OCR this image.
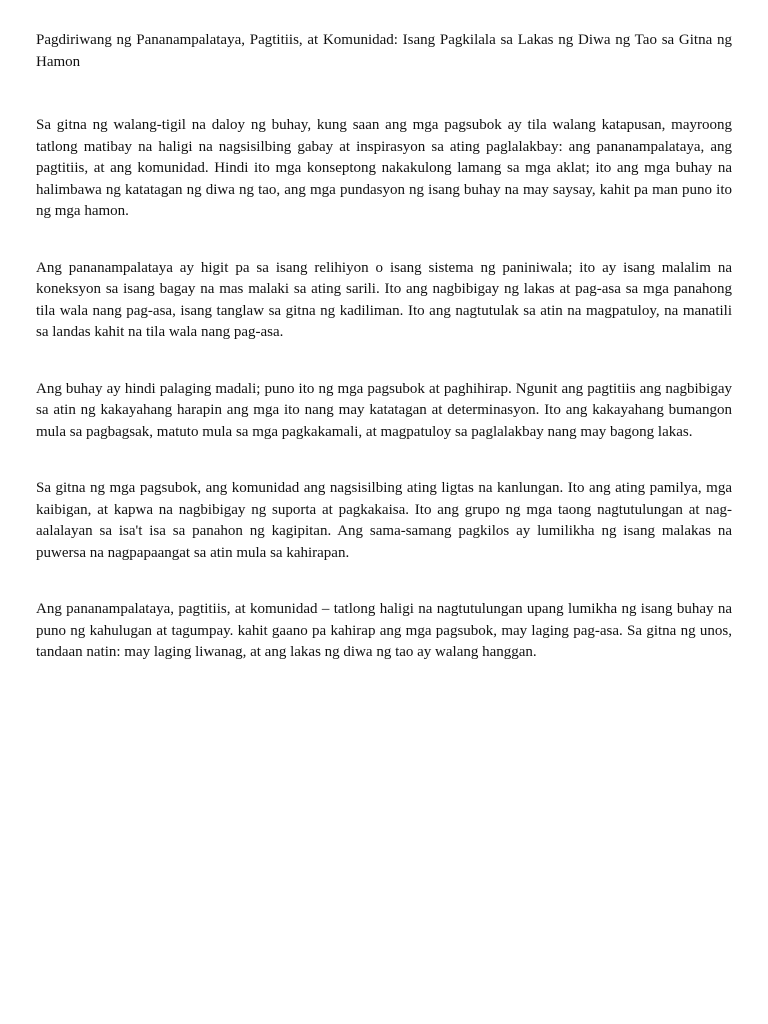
Pagdiriwang ng Pananampalataya, Pagtitiis, at Komunidad: Isang Pagkilala sa Lakas ng Diwa ng Tao sa Gitna ng Hamon

Sa gitna ng walang-tigil na daloy ng buhay, kung saan ang mga pagsubok ay tila walang katapusan, mayroong tatlong matibay na haligi na nagsisilbing gabay at inspirasyon sa ating paglalakbay: ang pananampalataya, ang pagtitiis, at ang komunidad. Hindi ito mga konseptong nakakulong lamang sa mga aklat; ito ang mga buhay na halimbawa ng katatagan ng diwa ng tao, ang mga pundasyon ng isang buhay na may saysay, kahit pa man puno ito ng mga hamon.

Ang pananampalataya ay higit pa sa isang relihiyon o isang sistema ng paniniwala; ito ay isang malalim na koneksyon sa isang bagay na mas malaki sa ating sarili. Ito ang nagbibigay ng lakas at pag-asa sa mga panahong tila wala nang pag-asa, isang tanglaw sa gitna ng kadiliman. Ito ang nagtutulak sa atin na magpatuloy, na manatili sa landas kahit na tila wala nang pag-asa.

Ang buhay ay hindi palaging madali; puno ito ng mga pagsubok at paghihirap. Ngunit ang pagtitiis ang nagbibigay sa atin ng kakayahang harapin ang mga ito nang may katatagan at determinasyon. Ito ang kakayahang bumangon mula sa pagbagsak, matuto mula sa mga pagkakamali, at magpatuloy sa paglalakbay nang may bagong lakas.

Sa gitna ng mga pagsubok, ang komunidad ang nagsisilbing ating ligtas na kanlungan. Ito ang ating pamilya, mga kaibigan, at kapwa na nagbibigay ng suporta at pagkakaisa. Ito ang grupo ng mga taong nagtutulungan at nag-aalalayan sa isa't isa sa panahon ng kagipitan. Ang sama-samang pagkilos ay lumilikha ng isang malakas na puwersa na nagpapaangat sa atin mula sa kahirapan.

Ang pananampalataya, pagtitiis, at komunidad – tatlong haligi na nagtutulungan upang lumikha ng isang buhay na puno ng kahulugan at tagumpay. kahit gaano pa kahirap ang mga pagsubok, may laging pag-asa. Sa gitna ng unos, tandaan natin: may laging liwanag, at ang lakas ng diwa ng tao ay walang hanggan.
